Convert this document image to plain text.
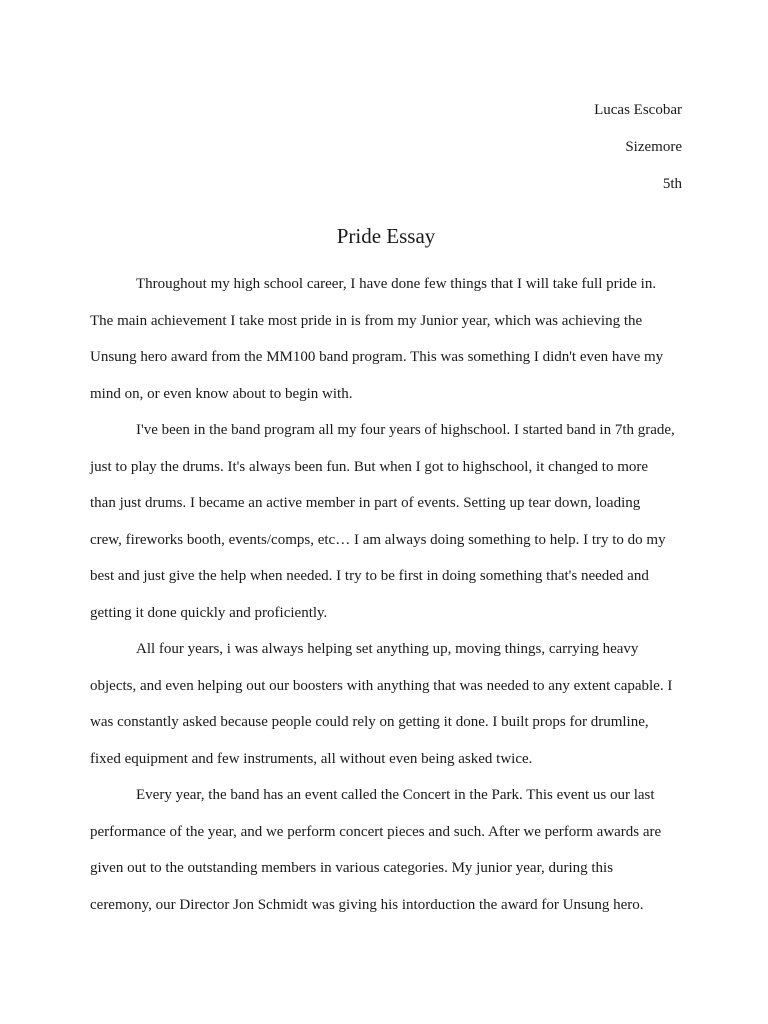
Lucas Escobar
Sizemore
5th
Pride Essay

Throughout my high school career, I have done few things that I will take full pride in.
The main achievement I take most pride in is from my Junior year, which was achieving the
Unsung hero award from the MM100 band program. This was something I didn't even have my
mind on, or even know about to begin with.

I've been in the band program all my four years of highschool. I started band in 7th grade,
just to play the drums. It's always been fun. But when I got to highschool, it changed to more
than just drums. I became an active member in part of events. Setting up tear down, loading
crew, fireworks booth, events/comps, etc… I am always doing something to help. I try to do my
best and just give the help when needed. I try to be first in doing something that's needed and
getting it done quickly and proficiently.

All four years, i was always helping set anything up, moving things, carrying heavy
objects, and even helping out our boosters with anything that was needed to any extent capable. I
was constantly asked because people could rely on getting it done. I built props for drumline,
fixed equipment and few instruments, all without even being asked twice.

Every year, the band has an event called the Concert in the Park. This event us our last
performance of the year, and we perform concert pieces and such. After we perform awards are
given out to the outstanding members in various categories. My junior year, during this
ceremony, our Director Jon Schmidt was giving his intorduction the award for Unsung hero.
